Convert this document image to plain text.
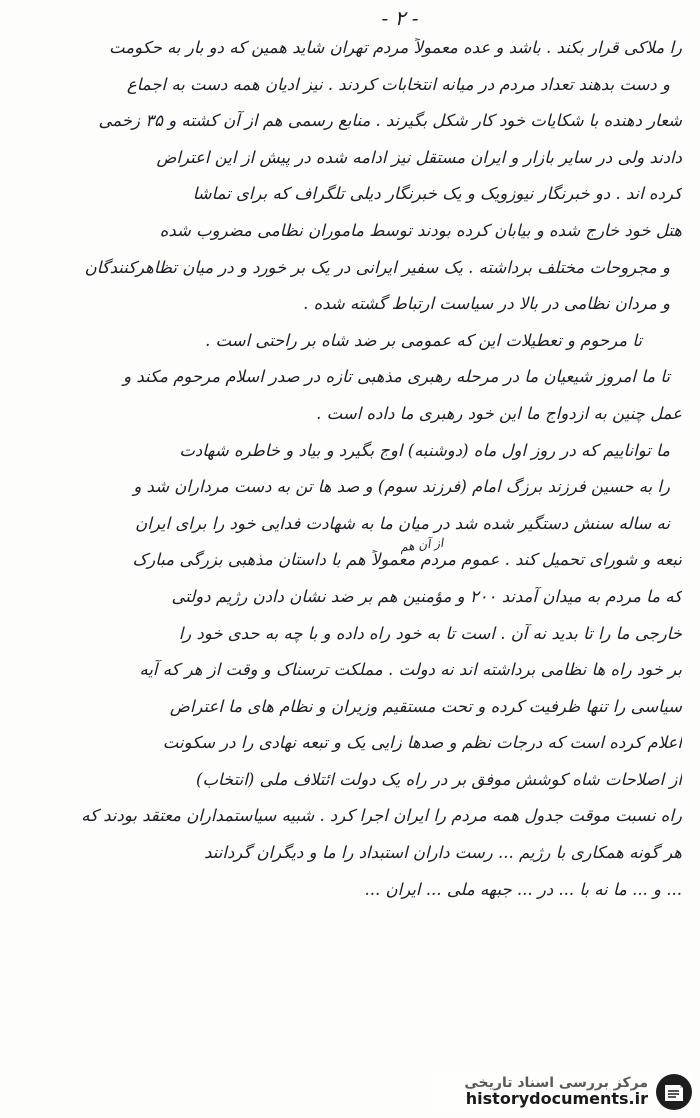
- ۲ -
را ملاکی قرار بکند . باشد و عده معمولاً مردم تهران شاید همین که دو بار به حکومت
و دست بدهند تعداد مردم در میانه انتخابات کردند . نیز ادیان همه دست به اجماع
شعار دهنده با شکایات خود کار شکل بگیرند . منابع رسمی هم از آن کشته و ۳۵ زخمی
دادند ولی در سایر بازار و ایران مستقل نیز ادامه شده در پیش از این اعتراض
کرده اند . دو خبرنگار نیوزویک و یک خبرنگار دیلی تلگراف که برای تماشا
هتل خود خارج شده و بیابان کرده بودند توسط ماموران نظامی مضروب شده
و مجروحات مختلف برداشته . یک سفیر ایرانی در یک بر خورد و در میان تظاهرکنندگان
و مردان نظامی در بالا در سیاست ارتباط گشته شده .
تا مرحوم و تعطیلات این که عمومی بر ضد شاه بر راحتی است .
تا ما امروز شیعیان ما در مرحله رهبری مذهبی تازه در صدر اسلام مرحوم مکند و
عمل چنین به ازدواج ما این خود رهبری ما داده است .
ما تواناییم که در روز اول ماه (دوشنبه) اوج بگیرد و بیاد و خاطره شهادت
را به حسین فرزند برزگ امام (فرزند سوم) و صد ها تن به دست مرداران شد و
نه ساله سنش دستگیر شده شد در میان ما به شهادت فدایی خود را برای ایران
تبعه و شورای تحمیل کند . عموم مردم معمولاً هم با داستان مذهبی بزرگی مبارک
که ما مردم به میدان آمدند ۲۰۰ و مؤمنین هم بر ضد نشان دادن رژیم دولتی
خارجی ما را تا بدید نه آن . است تا به خود راه داده و با چه به حدی خود را
بر خود راه ها نظامی برداشته اند نه دولت . مملکت ترسناک و وقت از هر که آیه
سیاسی را تنها ظرفیت کرده و تحت مستقیم وزیران و نظام های ما اعتراض
اعلام کرده است که درجات نظم و صدها زایی یک و تبعه نهادی را در سکونت
از اصلاحات شاه کوشش موفق بر در راه یک دولت ائتلاف ملی (انتخاب)
راه نسبت موقت جدول همه مردم را ایران اجرا کرد . شبیه سیاستمداران معتقد بودند که
هر گونه همکاری با رژیم ... رست داران استبداد را ما و دیگران گردانند
... و ... ما نه با ... در ... جبهه ملی ... ایران ...
از آن هم
مرکز بررسی اسناد تاریخی
historydocuments.ir
